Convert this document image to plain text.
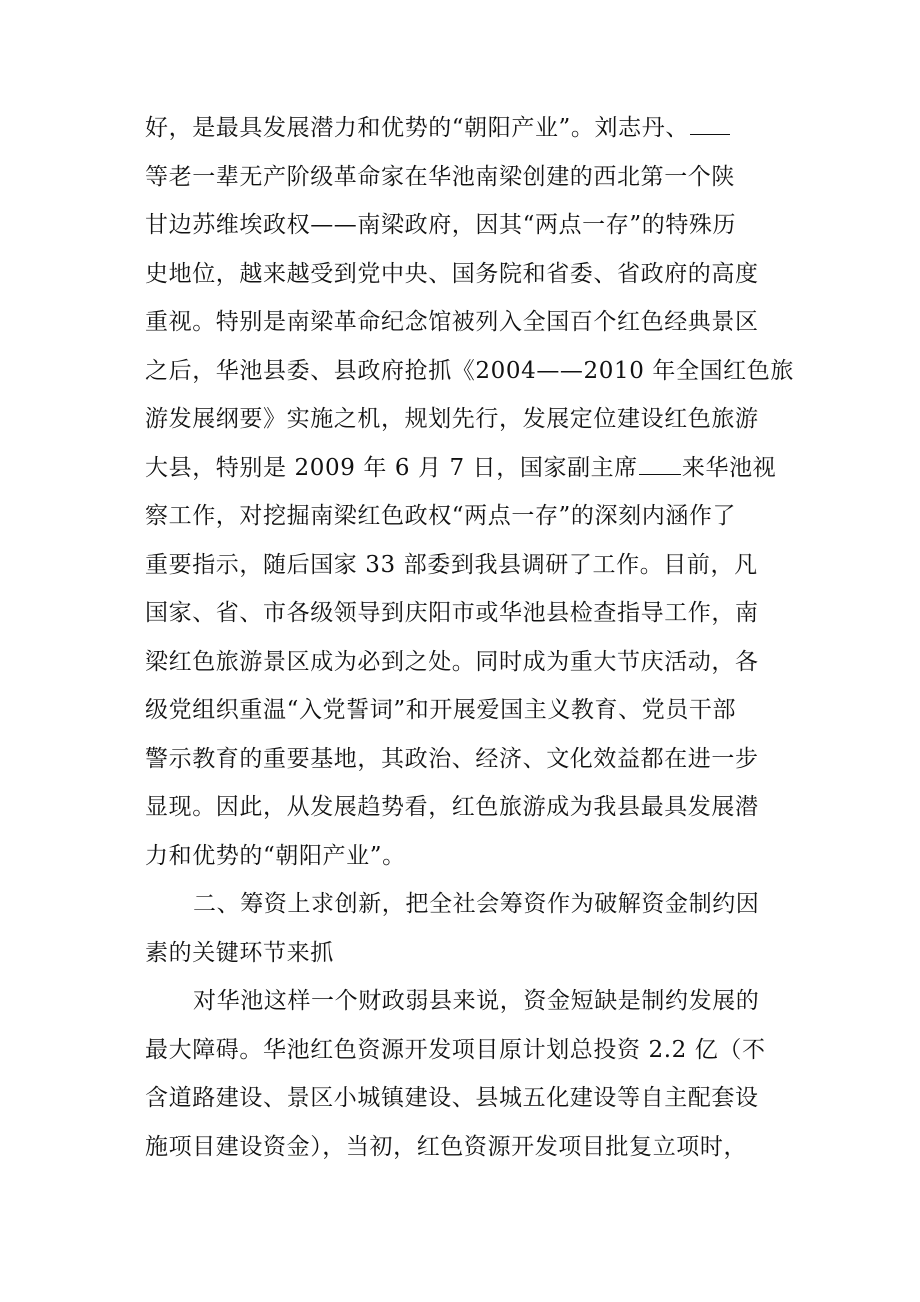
好，是最具发展潜力和优势的“朝阳产业”。刘志丹、
等老一辈无产阶级革命家在华池南梁创建的西北第一个陕
甘边苏维埃政权——南梁政府，因其“两点一存”的特殊历
史地位，越来越受到党中央、国务院和省委、省政府的高度
重视。特别是南梁革命纪念馆被列入全国百个红色经典景区
之后，华池县委、县政府抢抓《2004——2010 年全国红色旅
游发展纲要》实施之机，规划先行，发展定位建设红色旅游
大县，特别是 2009 年 6 月 7 日，国家副主席 来华池视
察工作，对挖掘南梁红色政权“两点一存”的深刻内涵作了
重要指示，随后国家 33 部委到我县调研了工作。目前，凡
国家、省、市各级领导到庆阳市或华池县检查指导工作，南
梁红色旅游景区成为必到之处。同时成为重大节庆活动，各
级党组织重温“入党誓词”和开展爱国主义教育、党员干部
警示教育的重要基地，其政治、经济、文化效益都在进一步
显现。因此，从发展趋势看，红色旅游成为我县最具发展潜
力和优势的“朝阳产业”。
二、筹资上求创新，把全社会筹资作为破解资金制约因
素的关键环节来抓
对华池这样一个财政弱县来说，资金短缺是制约发展的
最大障碍。华池红色资源开发项目原计划总投资 2.2 亿（不
含道路建设、景区小城镇建设、县城五化建设等自主配套设
施项目建设资金），当初，红色资源开发项目批复立项时，
